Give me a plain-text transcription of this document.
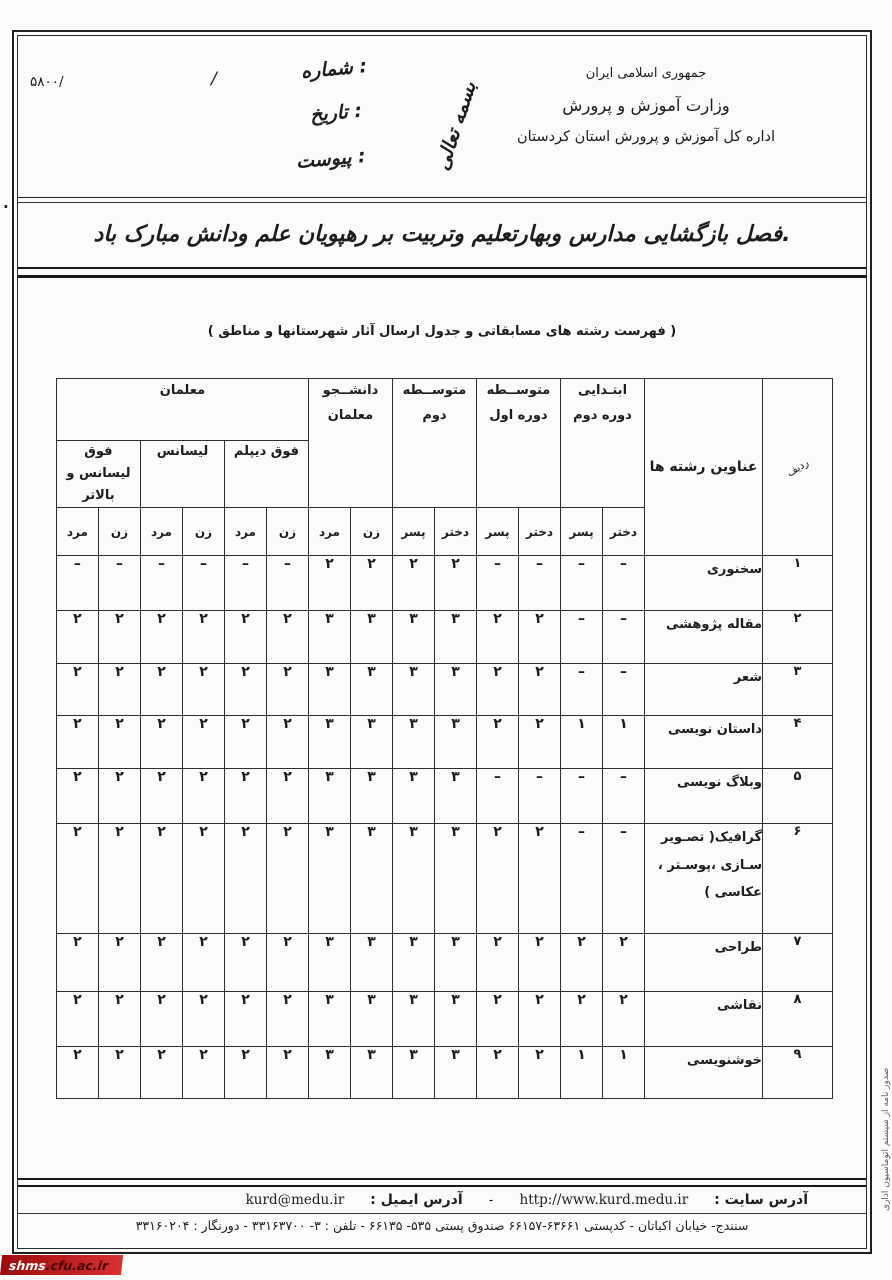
·
جمهوری اسلامی ایران
وزارت آموزش و پرورش
اداره کل آموزش و پرورش استان کردستان
بسمه تعالی
شماره :
تاریخ :
پیوست :
/
۵۸۰۰/
فصل بازگشایی مدارس وبهارتعلیم وتربیت بر رهپویان علم ودانش مبارک باد.
( فهرست رشته های مسابقاتی و جدول ارسال آثار شهرستانها و مناطق )
ردیف	عناوین رشته ها	ابتـدایی دوره دوم		متوســطه دوره اول		متوســطه دوم		دانشــجو معلمان		معلمان					
										فوق دیپلم		لیسانس		فوق لیسانس و بالاتر	
		دختر	پسر	دختر	پسر	دختر	پسر	زن	مرد	زن	مرد	زن	مرد	زن	مرد
۱	سخنوری	–	–	–	–	۲	۲	۲	۲	–	–	–	–	–	–
۲	مقاله پژوهشی	–	–	۲	۲	۳	۳	۳	۳	۲	۲	۲	۲	۲	۲
۳	شعر	–	–	۲	۲	۳	۳	۳	۳	۲	۲	۲	۲	۲	۲
۴	داستان نویسی	۱	۱	۲	۲	۳	۳	۳	۳	۲	۲	۲	۲	۲	۲
۵	وبلاگ نویسی	–	–	–	–	۳	۳	۳	۳	۲	۲	۲	۲	۲	۲
۶	گرافیک( تصـویر سـازی ،پوسـتر ، عکاسی )	–	–	۲	۲	۳	۳	۳	۳	۲	۲	۲	۲	۲	۲
۷	طراحی	۲	۲	۲	۲	۳	۳	۳	۳	۲	۲	۲	۲	۲	۲
۸	نقاشی	۲	۲	۲	۲	۳	۳	۳	۳	۲	۲	۲	۲	۲	۲
۹	خوشنویسی	۱	۱	۲	۲	۳	۳	۳	۳	۲	۲	۲	۲	۲	۲
آدرس سایت :
http://www.kurd.medu.ir
-
آدرس ایمیل :
kurd@medu.ir
سنندج- خیابان اکباتان - کدپستی ۶۳۶۶۱-۶۶۱۵۷ صندوق پستی ۵۳۵- ۶۶۱۳۵ - تلفن : ۳- ۳۳۱۶۳۷۰۰ - دورنگار : ۳۳۱۶۰۲۰۴
shms
.cfu.ac.ir
صدور نامه از سیستم اتوماسیون اداری
